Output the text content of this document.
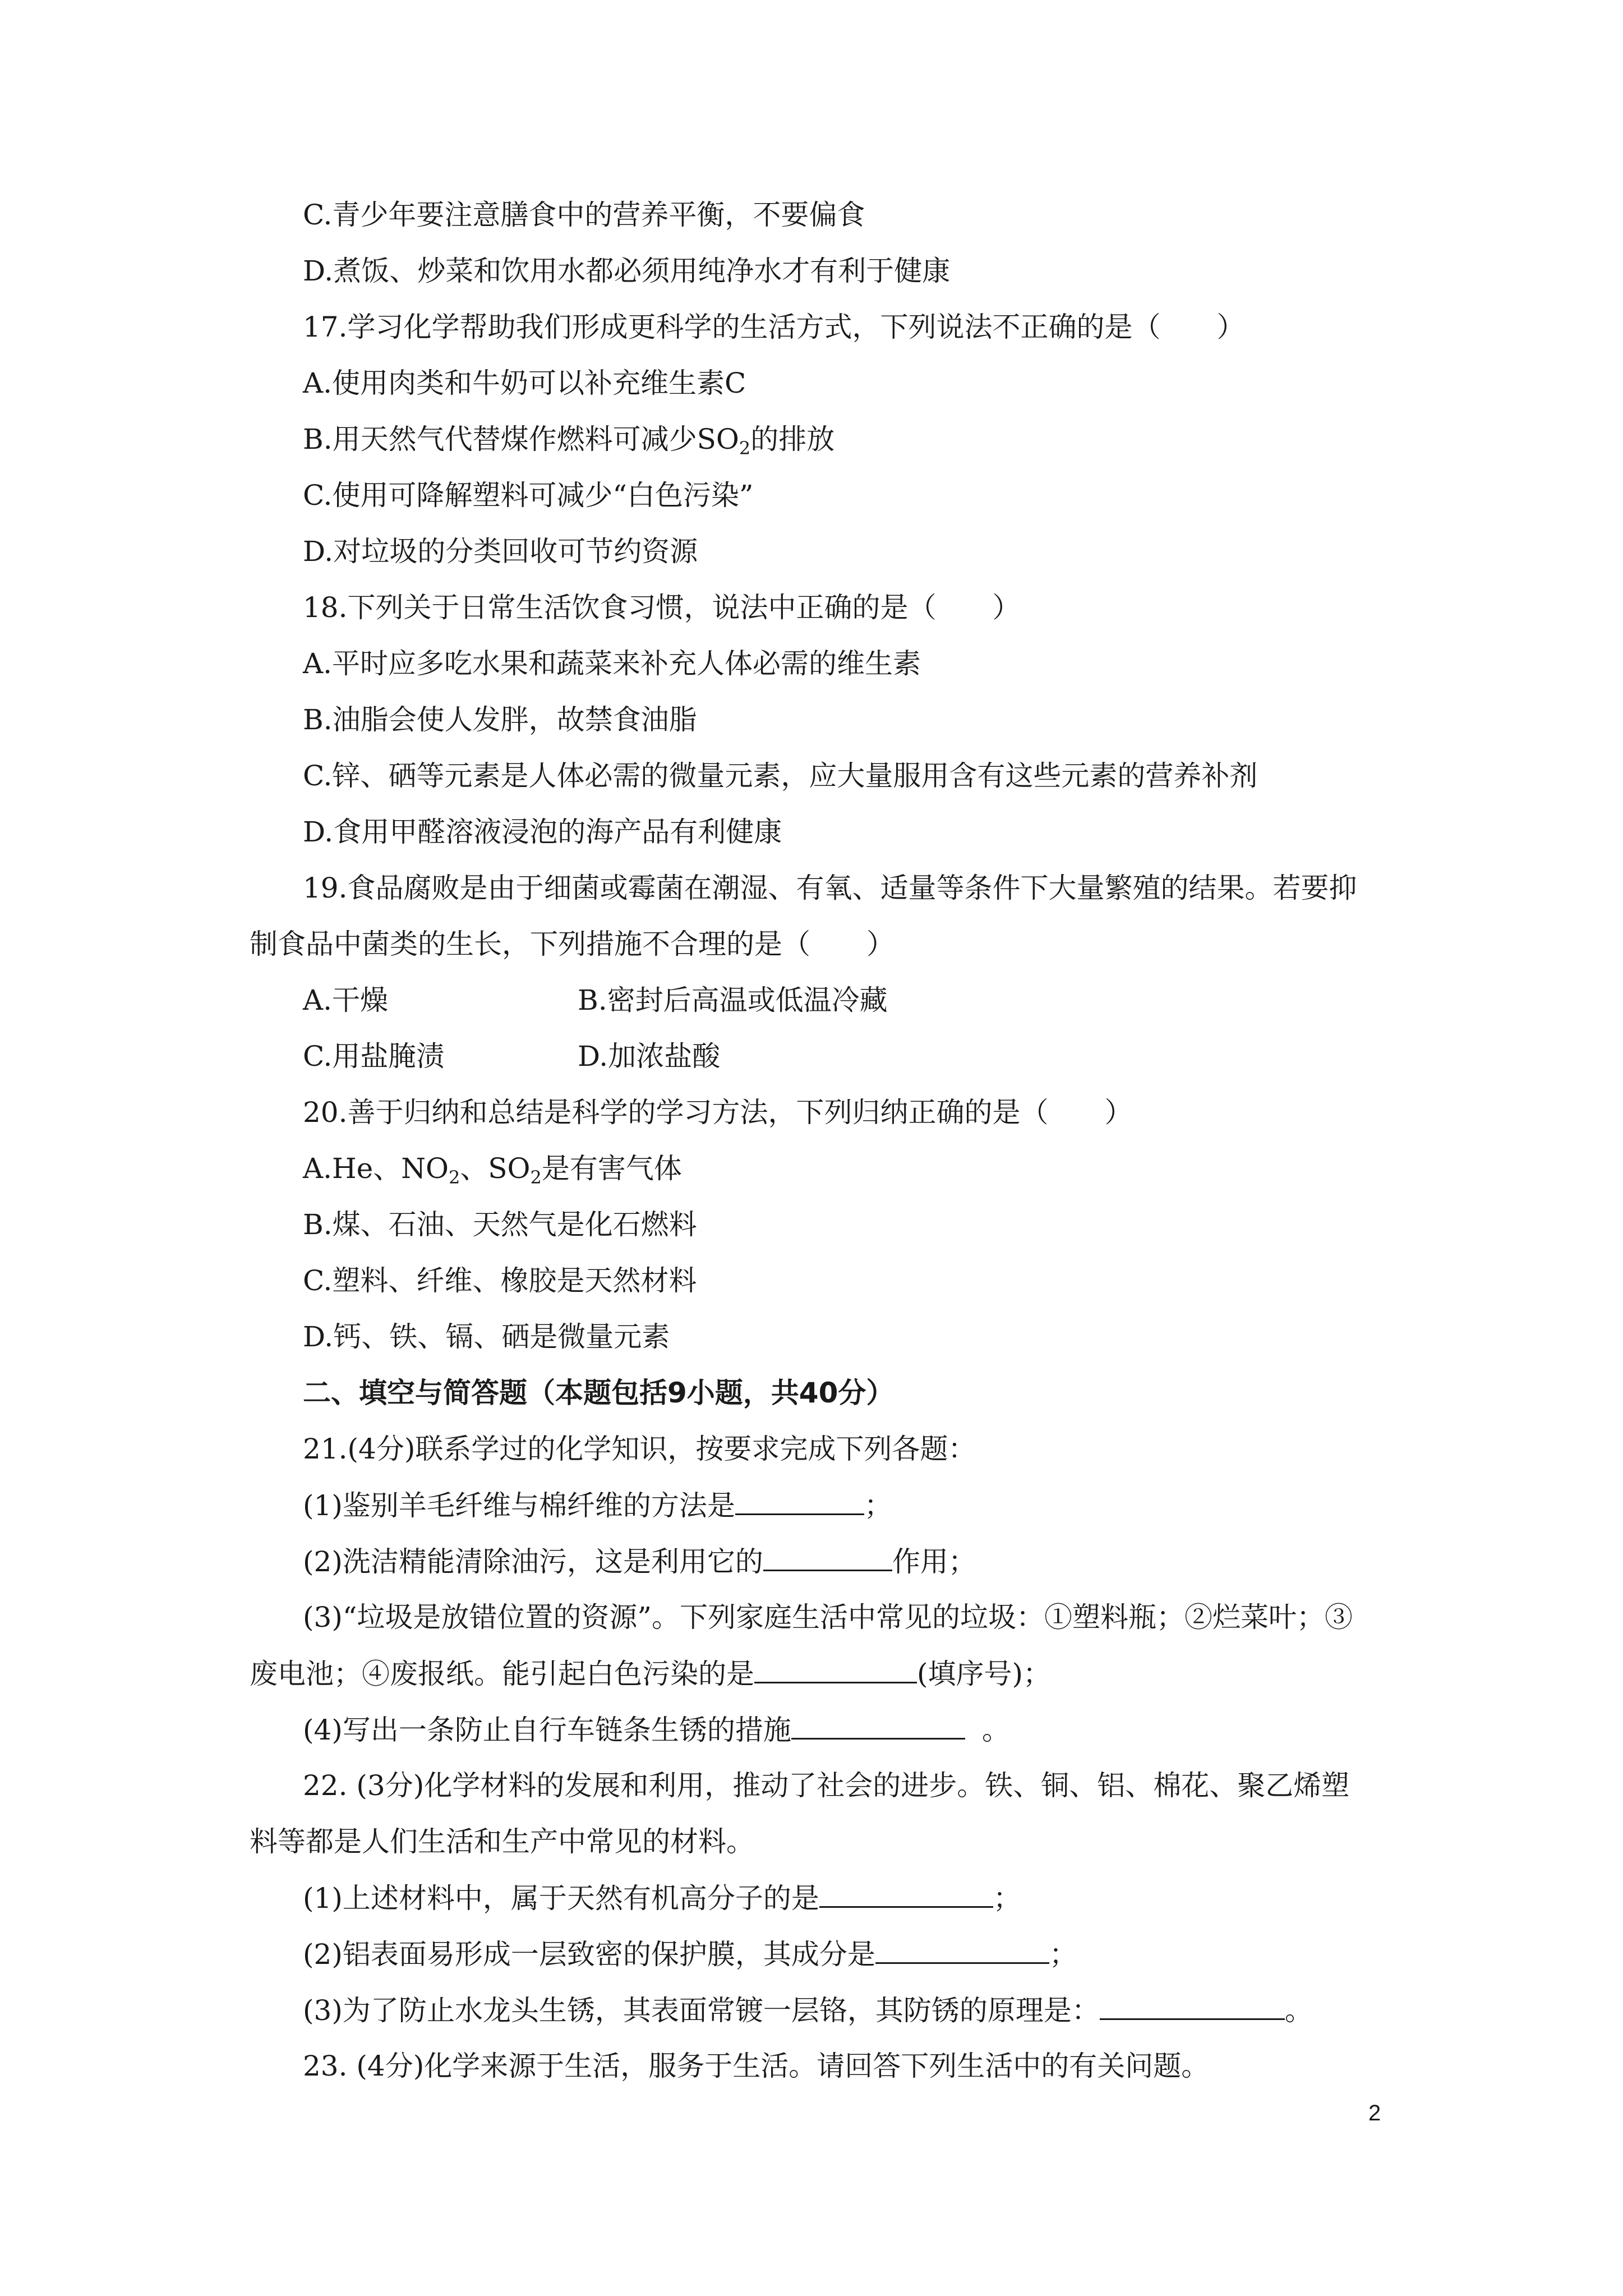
C.青少年要注意膳食中的营养平衡，不要偏食
D.煮饭、炒菜和饮用水都必须用纯净水才有利于健康
17.学习化学帮助我们形成更科学的生活方式，下列说法不正确的是（　　）
A.使用肉类和牛奶可以补充维生素C
B.用天然气代替煤作燃料可减少$SO_2$的排放
C.使用可降解塑料可减少“白色污染”
D.对垃圾的分类回收可节约资源
18.下列关于日常生活饮食习惯，说法中正确的是（　　）
A.平时应多吃水果和蔬菜来补充人体必需的维生素
B.油脂会使人发胖，故禁食油脂
C.锌、硒等元素是人体必需的微量元素，应大量服用含有这些元素的营养补剂
D.食用甲醛溶液浸泡的海产品有利健康
19.食品腐败是由于细菌或霉菌在潮湿、有氧、适量等条件下大量繁殖的结果。若要抑
制食品中菌类的生长，下列措施不合理的是（　　）
A.干燥	B.密封后高温或低温冷藏
C.用盐腌渍	D.加浓盐酸
20.善于归纳和总结是科学的学习方法，下列归纳正确的是（　　）
A.He、$NO_2$、$SO_2$是有害气体
B.煤、石油、天然气是化石燃料
C.塑料、纤维、橡胶是天然材料
D.钙、铁、镉、硒是微量元素
二、填空与简答题（本题包括9小题，共40分）
21.(4分)联系学过的化学知识，按要求完成下列各题：
(1)鉴别羊毛纤维与棉纤维的方法是	；
(2)洗洁精能清除油污，这是利用它的	作用；
(3)“垃圾是放错位置的资源”。下列家庭生活中常见的垃圾：①塑料瓶；②烂菜叶；③
废电池；④废报纸。能引起白色污染的是	(填序号)；
(4)写出一条防止自行车链条生锈的措施	。
22. (3分)化学材料的发展和利用，推动了社会的进步。铁、铜、铝、棉花、聚乙烯塑
料等都是人们生活和生产中常见的材料。
(1)上述材料中，属于天然有机高分子的是	；
(2)铝表面易形成一层致密的保护膜，其成分是	；
(3)为了防止水龙头生锈，其表面常镀一层铬，其防锈的原理是：	。
23. (4分)化学来源于生活，服务于生活。请回答下列生活中的有关问题。
2
